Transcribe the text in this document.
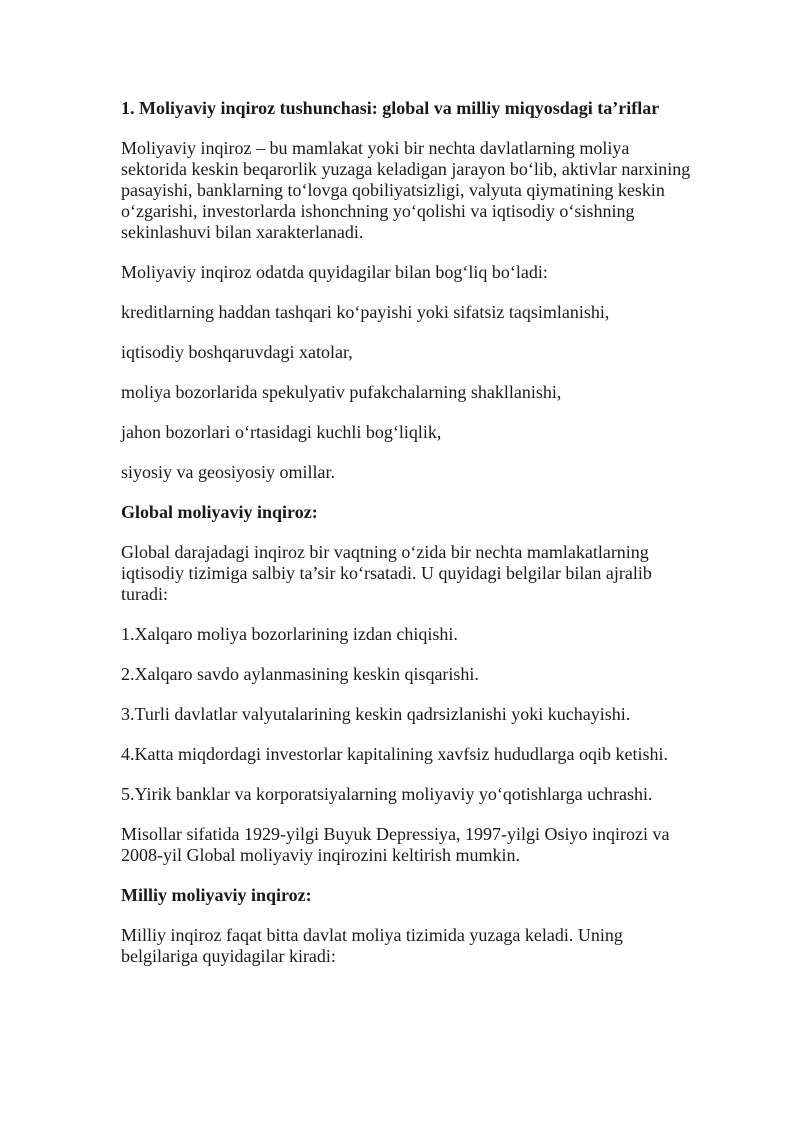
1. Moliyaviy inqiroz tushunchasi: global va milliy miqyosdagi ta’riflar

Moliyaviy inqiroz – bu mamlakat yoki bir nechta davlatlarning moliya sektorida keskin beqarorlik yuzaga keladigan jarayon bo‘lib, aktivlar narxining pasayishi, banklarning to‘lovga qobiliyatsizligi, valyuta qiymatining keskin o‘zgarishi, investorlarda ishonchning yo‘qolishi va iqtisodiy o‘sishning sekinlashuvi bilan xarakterlanadi.

Moliyaviy inqiroz odatda quyidagilar bilan bog‘liq bo‘ladi:

kreditlarning haddan tashqari ko‘payishi yoki sifatsiz taqsimlanishi,

iqtisodiy boshqaruvdagi xatolar,

moliya bozorlarida spekulyativ pufakchalarning shakllanishi,

jahon bozorlari o‘rtasidagi kuchli bog‘liqlik,

siyosiy va geosiyosiy omillar.

Global moliyaviy inqiroz:

Global darajadagi inqiroz bir vaqtning o‘zida bir nechta mamlakatlarning iqtisodiy tizimiga salbiy ta’sir ko‘rsatadi. U quyidagi belgilar bilan ajralib turadi:

1.Xalqaro moliya bozorlarining izdan chiqishi.

2.Xalqaro savdo aylanmasining keskin qisqarishi.

3.Turli davlatlar valyutalarining keskin qadrsizlanishi yoki kuchayishi.

4.Katta miqdordagi investorlar kapitalining xavfsiz hududlarga oqib ketishi.

5.Yirik banklar va korporatsiyalarning moliyaviy yo‘qotishlarga uchrashi.

Misollar sifatida 1929-yilgi Buyuk Depressiya, 1997-yilgi Osiyo inqirozi va 2008-yil Global moliyaviy inqirozini keltirish mumkin.

Milliy moliyaviy inqiroz:

Milliy inqiroz faqat bitta davlat moliya tizimida yuzaga keladi. Uning belgilariga quyidagilar kiradi:
